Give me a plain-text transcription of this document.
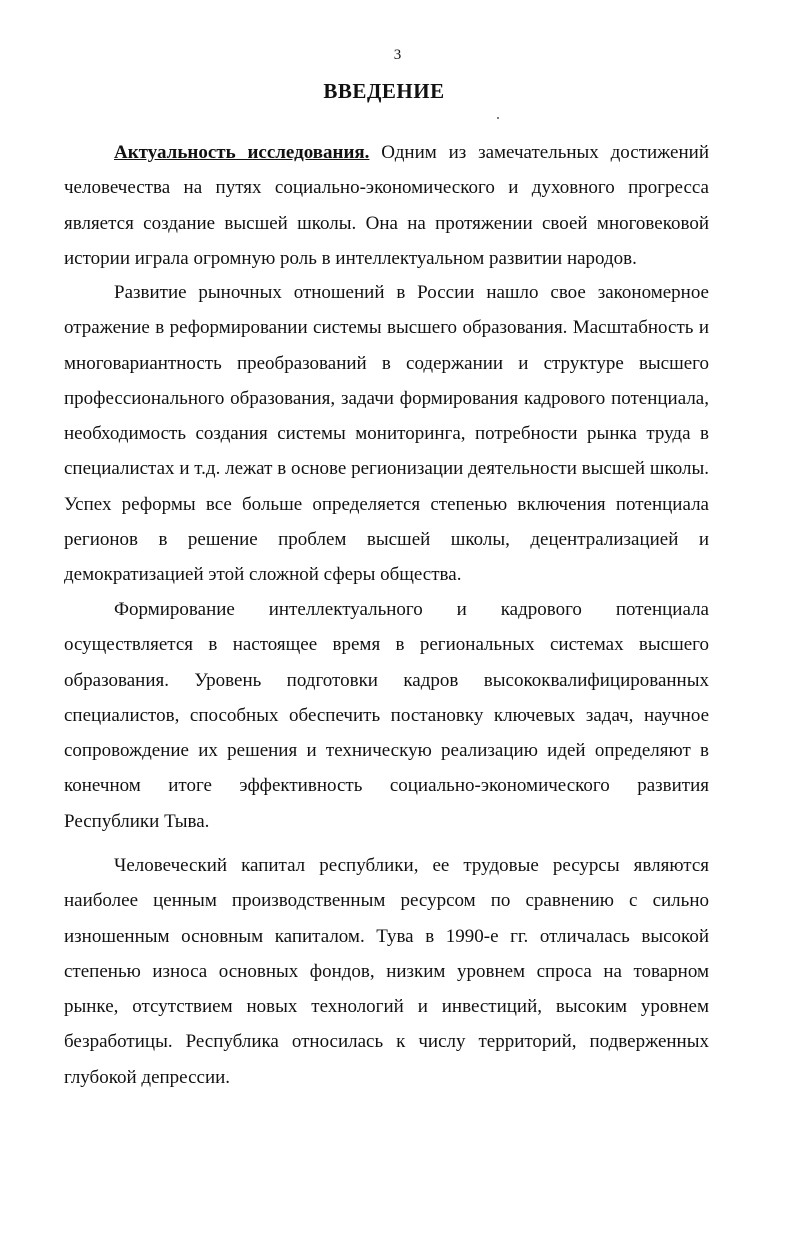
3
ВВЕДЕНИЕ

Актуальность исследования. Одним из замечательных достижений человечества на путях социально-экономического и духовного прогресса является создание высшей школы. Она на протяжении своей многовековой истории играла огромную роль в интеллектуальном развитии народов.

Развитие рыночных отношений в России нашло свое закономерное отражение в реформировании системы высшего образования. Масштабность и многовариантность преобразований в содержании и структуре высшего профессионального образования, задачи формирования кадрового потенциала, необходимость создания системы мониторинга, потребности рынка труда в специалистах и т.д. лежат в основе регионизации деятельности высшей школы. Успех реформы все больше определяется степенью включения потенциала регионов в решение проблем высшей школы, децентрализацией и демократизацией этой сложной сферы общества.

Формирование интеллектуального и кадрового потенциала осуществляется в настоящее время в региональных системах высшего образования. Уровень подготовки кадров высококвалифицированных специалистов, способных обеспечить постановку ключевых задач, научное сопровождение их решения и техническую реализацию идей определяют в конечном итоге эффективность социально-экономического развития Республики Тыва.

Человеческий капитал республики, ее трудовые ресурсы являются наиболее ценным производственным ресурсом по сравнению с сильно изношенным основным капиталом. Тува в 1990-е гг. отличалась высокой степенью износа основных фондов, низким уровнем спроса на товарном рынке, отсутствием новых технологий и инвестиций, высоким уровнем безработицы. Республика относилась к числу территорий, подверженных глубокой депрессии.
